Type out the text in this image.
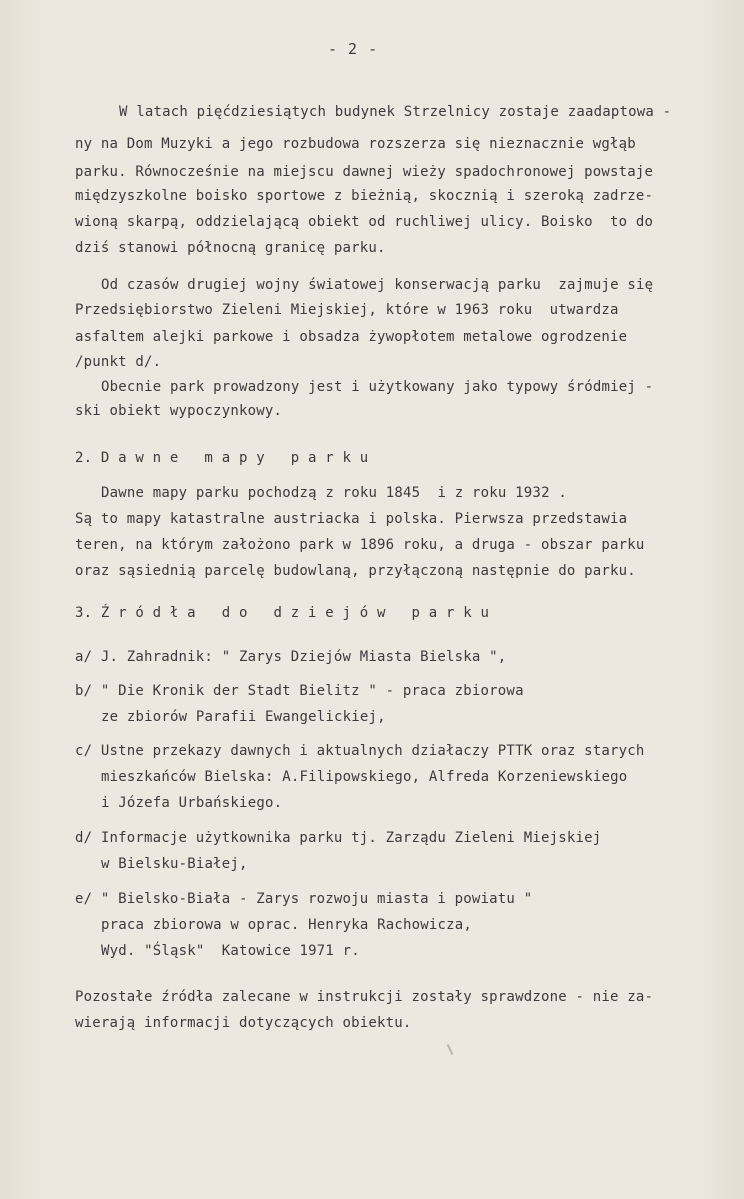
- 2 -
W latach pięćdziesiątych budynek Strzelnicy zostaje zaadaptowa -
ny na Dom Muzyki a jego rozbudowa rozszerza się nieznacznie wgłąb
parku. Równocześnie na miejscu dawnej wieży spadochronowej powstaje
międzyszkolne boisko sportowe z bieżnią, skocznią i szeroką zadrze-
wioną skarpą, oddzielającą obiekt od ruchliwej ulicy. Boisko  to do
dziś stanowi północną granicę parku.
Od czasów drugiej wojny światowej konserwacją parku  zajmuje się
Przedsiębiorstwo Zieleni Miejskiej, które w 1963 roku  utwardza
asfaltem alejki parkowe i obsadza żywopłotem metalowe ogrodzenie
/punkt d/.
Obecnie park prowadzony jest i użytkowany jako typowy śródmiej -
ski obiekt wypoczynkowy.
2. D a w n e   m a p y   p a r k u
Dawne mapy parku pochodzą z roku 1845  i z roku 1932 .
Są to mapy katastralne austriacka i polska. Pierwsza przedstawia
teren, na którym założono park w 1896 roku, a druga - obszar parku
oraz sąsiednią parcelę budowlaną, przyłączoną następnie do parku.
3. Ź r ó d ł a   d o   d z i e j ó w   p a r k u
a/ J. Zahradnik: " Zarys Dziejów Miasta Bielska ",
b/ " Die Kronik der Stadt Bielitz " - praca zbiorowa
ze zbiorów Parafii Ewangelickiej,
c/ Ustne przekazy dawnych i aktualnych działaczy PTTK oraz starych
mieszkańców Bielska: A.Filipowskiego, Alfreda Korzeniewskiego
i Józefa Urbańskiego.
d/ Informacje użytkownika parku tj. Zarządu Zieleni Miejskiej
w Bielsku-Białej,
e/ " Bielsko-Biała - Zarys rozwoju miasta i powiatu "
praca zbiorowa w oprac. Henryka Rachowicza,
Wyd. "Śląsk"  Katowice 1971 r.
Pozostałe źródła zalecane w instrukcji zostały sprawdzone - nie za-
wierają informacji dotyczących obiektu.
